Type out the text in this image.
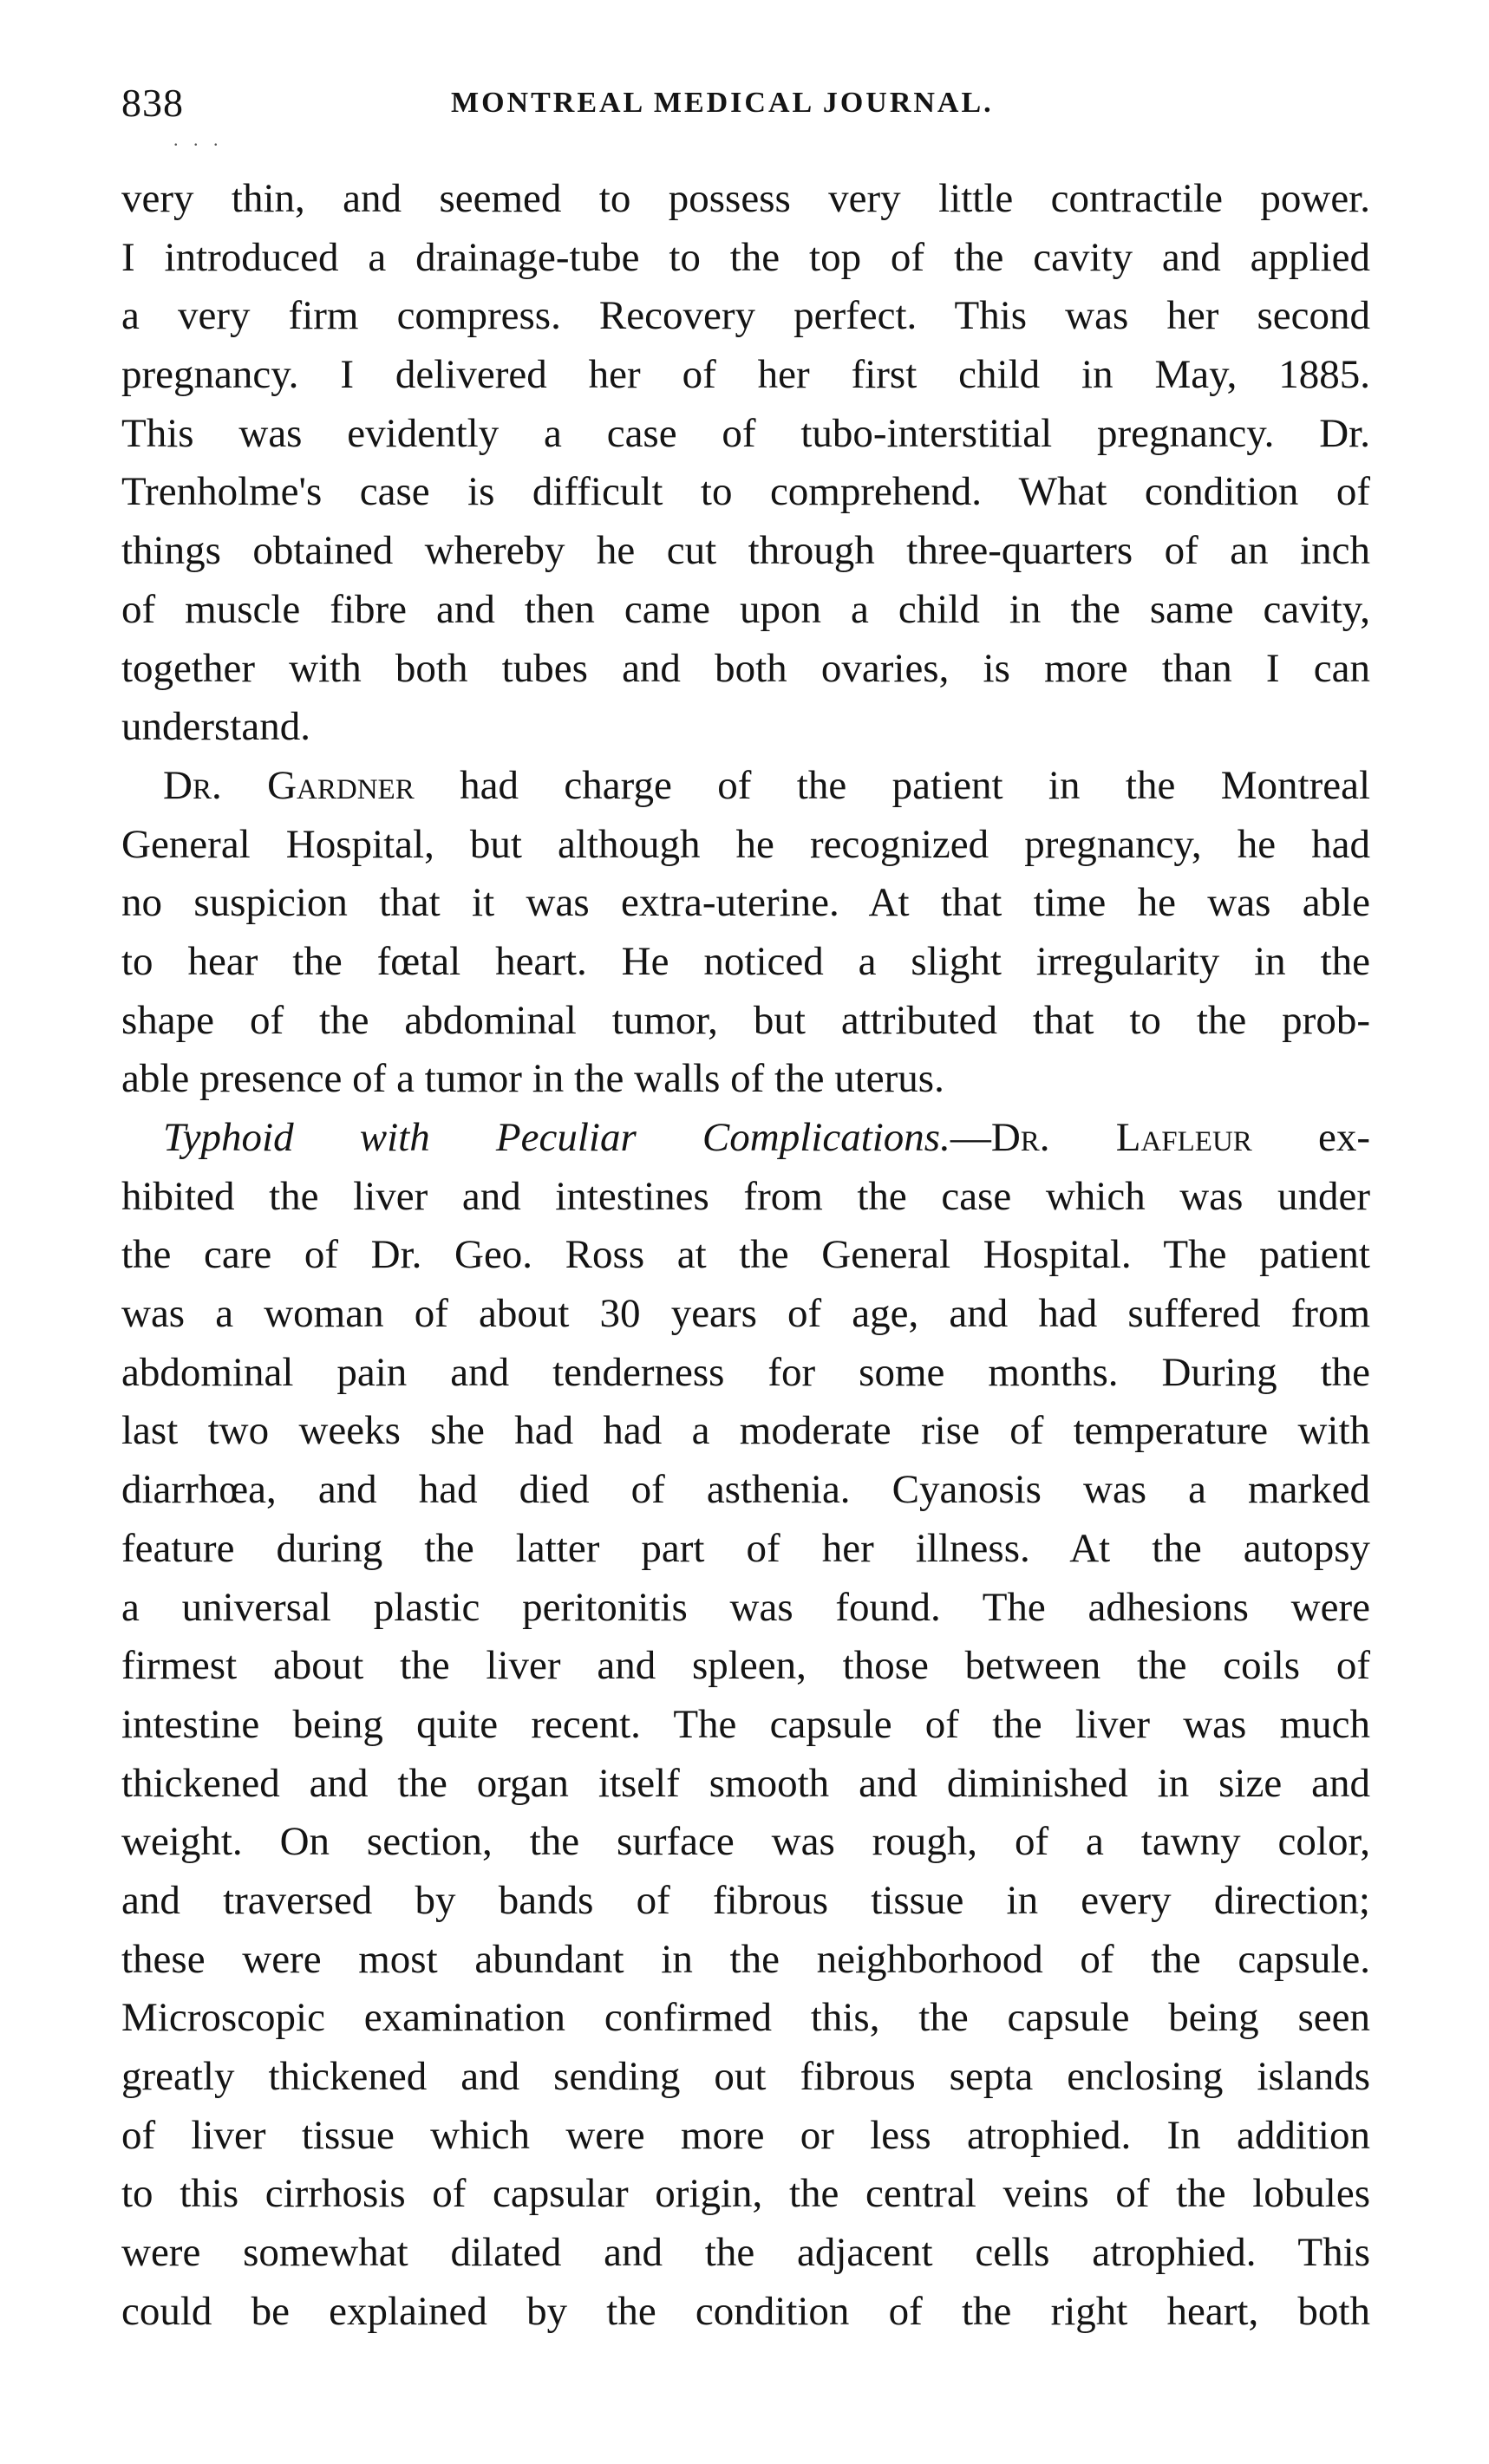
838	MONTREAL MEDICAL JOURNAL.
. . .
very thin, and seemed to possess very little contractile power.
I introduced a drainage-tube to the top of the cavity and applied
a very firm compress. Recovery perfect. This was her second
pregnancy. I delivered her of her first child in May, 1885.
This was evidently a case of tubo-interstitial pregnancy. Dr.
Trenholme's case is difficult to comprehend. What condition of
things obtained whereby he cut through three-quarters of an inch
of muscle fibre and then came upon a child in the same cavity,
together with both tubes and both ovaries, is more than I can
understand.
Dr. Gardner had charge of the patient in the Montreal
General Hospital, but although he recognized pregnancy, he had
no suspicion that it was extra-uterine. At that time he was able
to hear the fœtal heart. He noticed a slight irregularity in the
shape of the abdominal tumor, but attributed that to the prob-
able presence of a tumor in the walls of the uterus.
Typhoid with Peculiar Complications.—Dr. Lafleur ex-
hibited the liver and intestines from the case which was under
the care of Dr. Geo. Ross at the General Hospital. The patient
was a woman of about 30 years of age, and had suffered from
abdominal pain and tenderness for some months. During the
last two weeks she had had a moderate rise of temperature with
diarrhœa, and had died of asthenia. Cyanosis was a marked
feature during the latter part of her illness. At the autopsy
a universal plastic peritonitis was found. The adhesions were
firmest about the liver and spleen, those between the coils of
intestine being quite recent. The capsule of the liver was much
thickened and the organ itself smooth and diminished in size and
weight. On section, the surface was rough, of a tawny color,
and traversed by bands of fibrous tissue in every direction;
these were most abundant in the neighborhood of the capsule.
Microscopic examination confirmed this, the capsule being seen
greatly thickened and sending out fibrous septa enclosing islands
of liver tissue which were more or less atrophied. In addition
to this cirrhosis of capsular origin, the central veins of the lobules
were somewhat dilated and the adjacent cells atrophied. This
could be explained by the condition of the right heart, both
